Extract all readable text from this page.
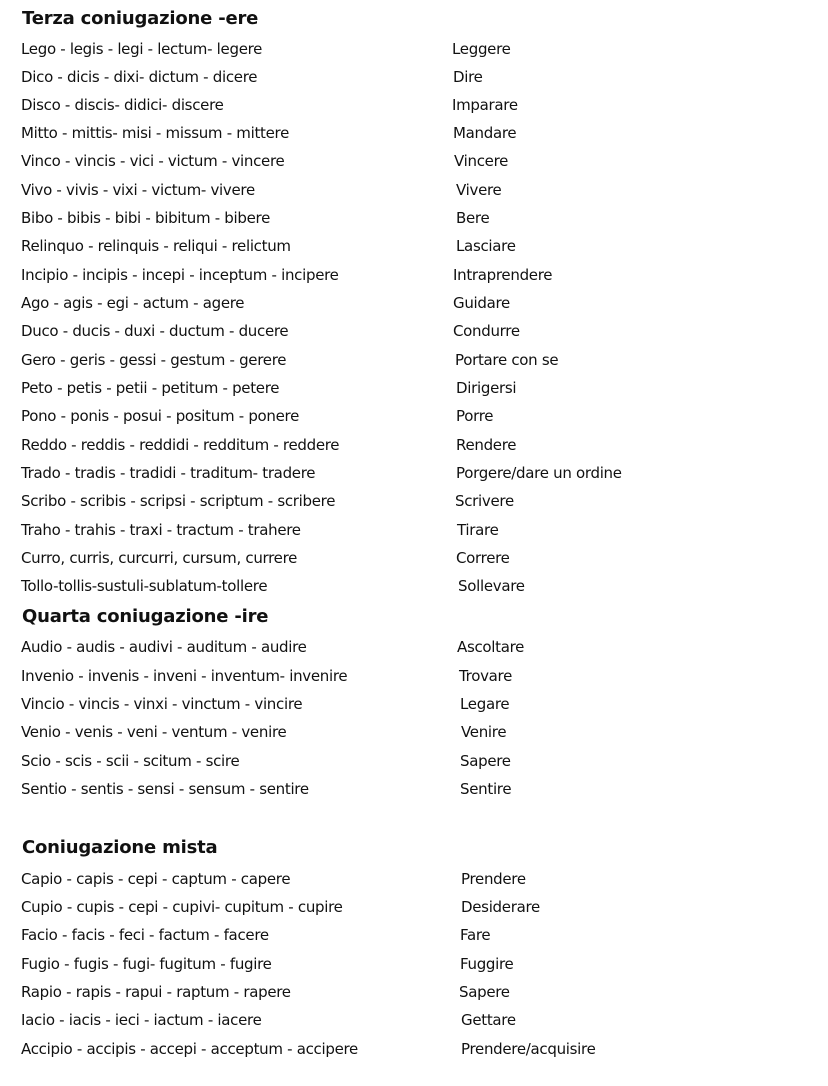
Terza coniugazione -ere
Lego - legis - legi - lectum- legere	Leggere
Dico - dicis - dixi- dictum - dicere	Dire
Disco - discis- didici- discere	Imparare
Mitto - mittis- misi - missum - mittere	Mandare
Vinco - vincis - vici - victum - vincere	Vincere
Vivo - vivis - vixi - victum- vivere	Vivere
Bibo - bibis - bibi - bibitum - bibere	Bere
Relinquo - relinquis - reliqui - relictum	Lasciare
Incipio - incipis - incepi - inceptum - incipere	Intraprendere
Ago - agis - egi - actum - agere	Guidare
Duco - ducis - duxi - ductum - ducere	Condurre
Gero - geris - gessi - gestum - gerere	Portare con se
Peto - petis - petii - petitum - petere	Dirigersi
Pono - ponis - posui - positum - ponere	Porre
Reddo - reddis - reddidi - redditum - reddere	Rendere
Trado - tradis - tradidi - traditum- tradere	Porgere/dare un ordine
Scribo - scribis - scripsi - scriptum - scribere	Scrivere
Traho - trahis - traxi - tractum - trahere	Tirare
Curro, curris, curcurri, cursum, currere	Correre
Tollo-tollis-sustuli-sublatum-tollere	Sollevare
Quarta coniugazione -ire
Audio - audis - audivi - auditum - audire	Ascoltare
Invenio - invenis - inveni - inventum- invenire	Trovare
Vincio - vincis - vinxi - vinctum - vincire	Legare
Venio - venis - veni - ventum - venire	Venire
Scio - scis - scii - scitum - scire	Sapere
Sentio - sentis - sensi - sensum - sentire	Sentire
Coniugazione mista
Capio - capis - cepi - captum - capere	Prendere
Cupio - cupis - cepi - cupivi- cupitum - cupire	Desiderare
Facio - facis - feci - factum - facere	Fare
Fugio - fugis - fugi- fugitum - fugire	Fuggire
Rapio - rapis - rapui - raptum - rapere	Sapere
Iacio - iacis - ieci - iactum - iacere	Gettare
Accipio - accipis - accepi - acceptum - accipere	Prendere/acquisire
